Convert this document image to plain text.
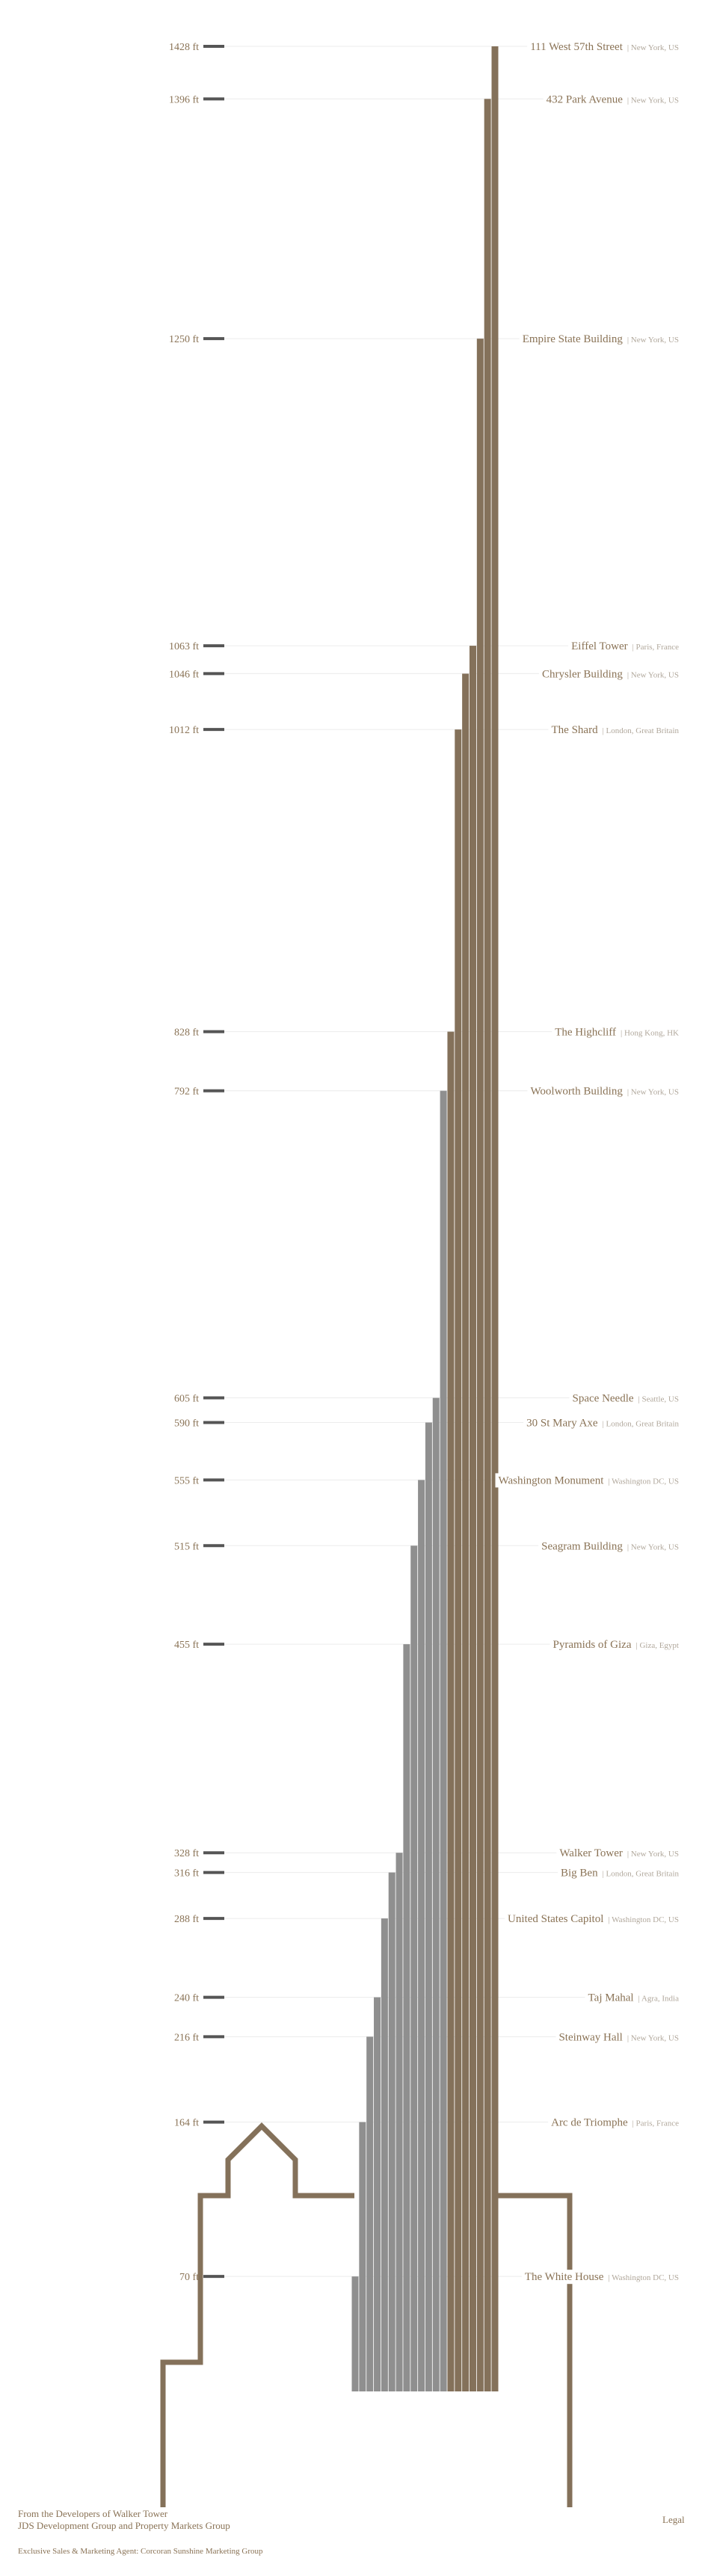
1428 ft
1396 ft
1250 ft
1063 ft
1046 ft
1012 ft
828 ft
792 ft
605 ft
590 ft
555 ft
515 ft
455 ft
328 ft
316 ft
288 ft
240 ft
216 ft
164 ft
70 ft
| New York, US
111 West 57th Street
| New York, US
432 Park Avenue
| New York, US
Empire State Building
| Paris, France
Eiffel Tower
| New York, US
Chrysler Building
| London, Great Britain
The Shard
| Hong Kong, HK
The Highcliff
| New York, US
Woolworth Building
| Seattle, US
Space Needle
| London, Great Britain
30 St Mary Axe
| Washington DC, US
Washington Monument
| New York, US
Seagram Building
| Giza, Egypt
Pyramids of Giza
| New York, US
Walker Tower
| London, Great Britain
Big Ben
| Washington DC, US
United States Capitol
| Agra, India
Taj Mahal
| New York, US
Steinway Hall
| Paris, France
Arc de Triomphe
| Washington DC, US
The White House
From the Developers of Walker Tower
JDS Development Group and Property Markets Group
Exclusive Sales & Marketing Agent: Corcoran Sunshine Marketing Group
Legal
